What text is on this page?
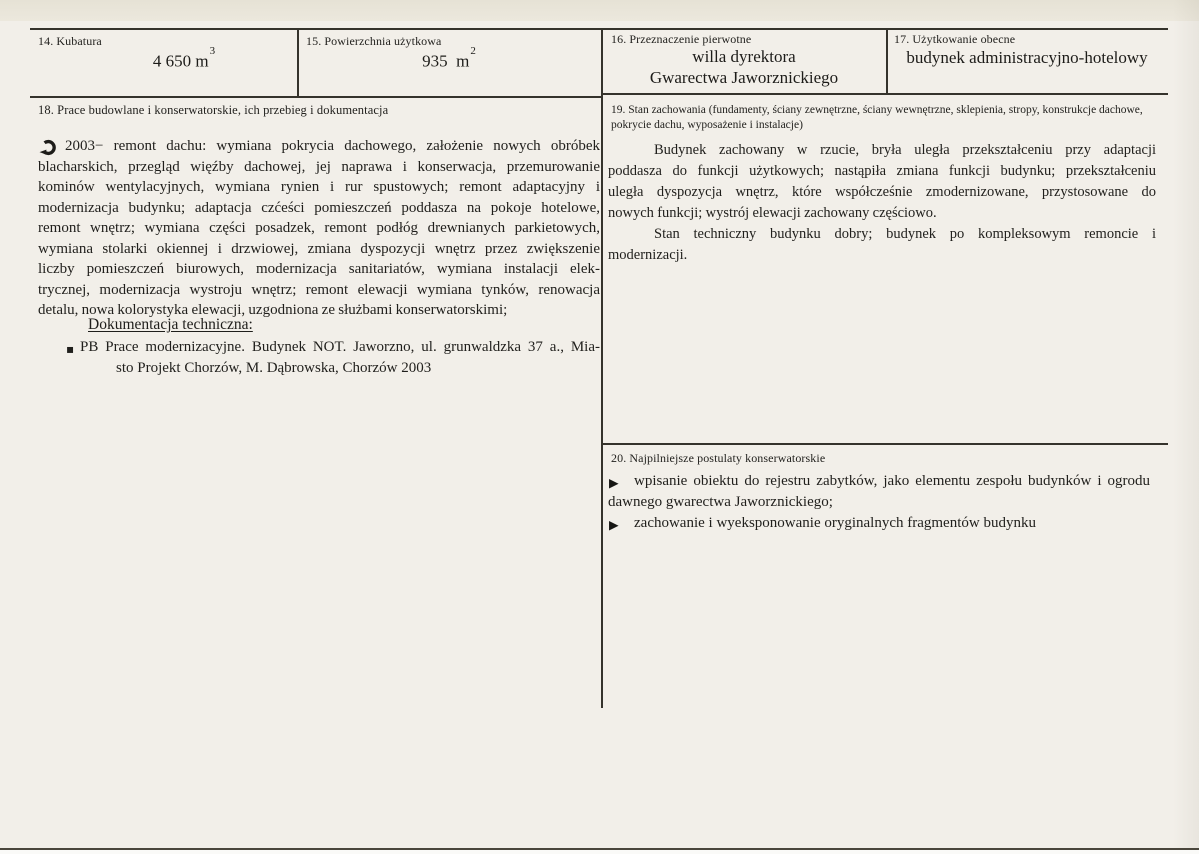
14. Kubatura
4 650 $m^3$
15. Powierzchnia użytkowa
935  $m^2$
16. Przeznaczenie pierwotne
willa dyrektora
Gwarectwa Jaworznickiego
17. Użytkowanie obecne
budynek administracyjno-hotelowy
18. Prace budowlane i konserwatorskie, ich przebieg i dokumentacja
2003− remont dachu: wymiana pokrycia dachowego, założenie nowych obróbek
blacharskich, przegląd więźby dachowej, jej naprawa i konserwacja, przemurowanie
kominów wentylacyjnych, wymiana rynien i rur spustowych; remont adaptacyjny i
modernizacja budynku; adaptacja czćeści pomieszczeń poddasza na pokoje hotelowe,
remont wnętrz; wymiana części posadzek, remont podłóg drewnianych parkietowych,
wymiana stolarki okiennej i drzwiowej, zmiana dyspozycji wnętrz przez zwiększenie
liczby pomieszczeń biurowych, modernizacja sanitariatów, wymiana instalacji elek-
trycznej, modernizacja wystroju wnętrz; remont elewacji wymiana tynków, renowacja
detalu, nowa kolorystyka elewacji, uzgodniona ze służbami konserwatorskimi;
Dokumentacja techniczna:
▪ PB Prace modernizacyjne. Budynek NOT. Jaworzno, ul. grunwaldzka 37 a., Mia-
sto Projekt Chorzów, M. Dąbrowska, Chorzów 2003
19. Stan zachowania (fundamenty, ściany zewnętrzne, ściany wewnętrzne, sklepienia, stropy, konstrukcje dachowe,
pokrycie dachu, wyposażenie i instalacje)
Budynek zachowany w rzucie, bryła uległa przekształceniu przy adaptacji
poddasza do funkcji użytkowych; nastąpiła zmiana funkcji budynku; przekształceniu
uległa dyspozycja wnętrz, które współcześnie zmodernizowane, przystosowane do
nowych funkcji; wystrój elewacji zachowany częściowo.
Stan techniczny budynku dobry; budynek po kompleksowym remoncie i
modernizacji.
20. Najpilniejsze postulaty konserwatorskie
▶	wpisanie obiektu do rejestru zabytków, jako elementu zespołu budynków i ogrodu
dawnego gwarectwa Jaworznickiego;
▶	zachowanie i wyeksponowanie oryginalnych fragmentów budynku
